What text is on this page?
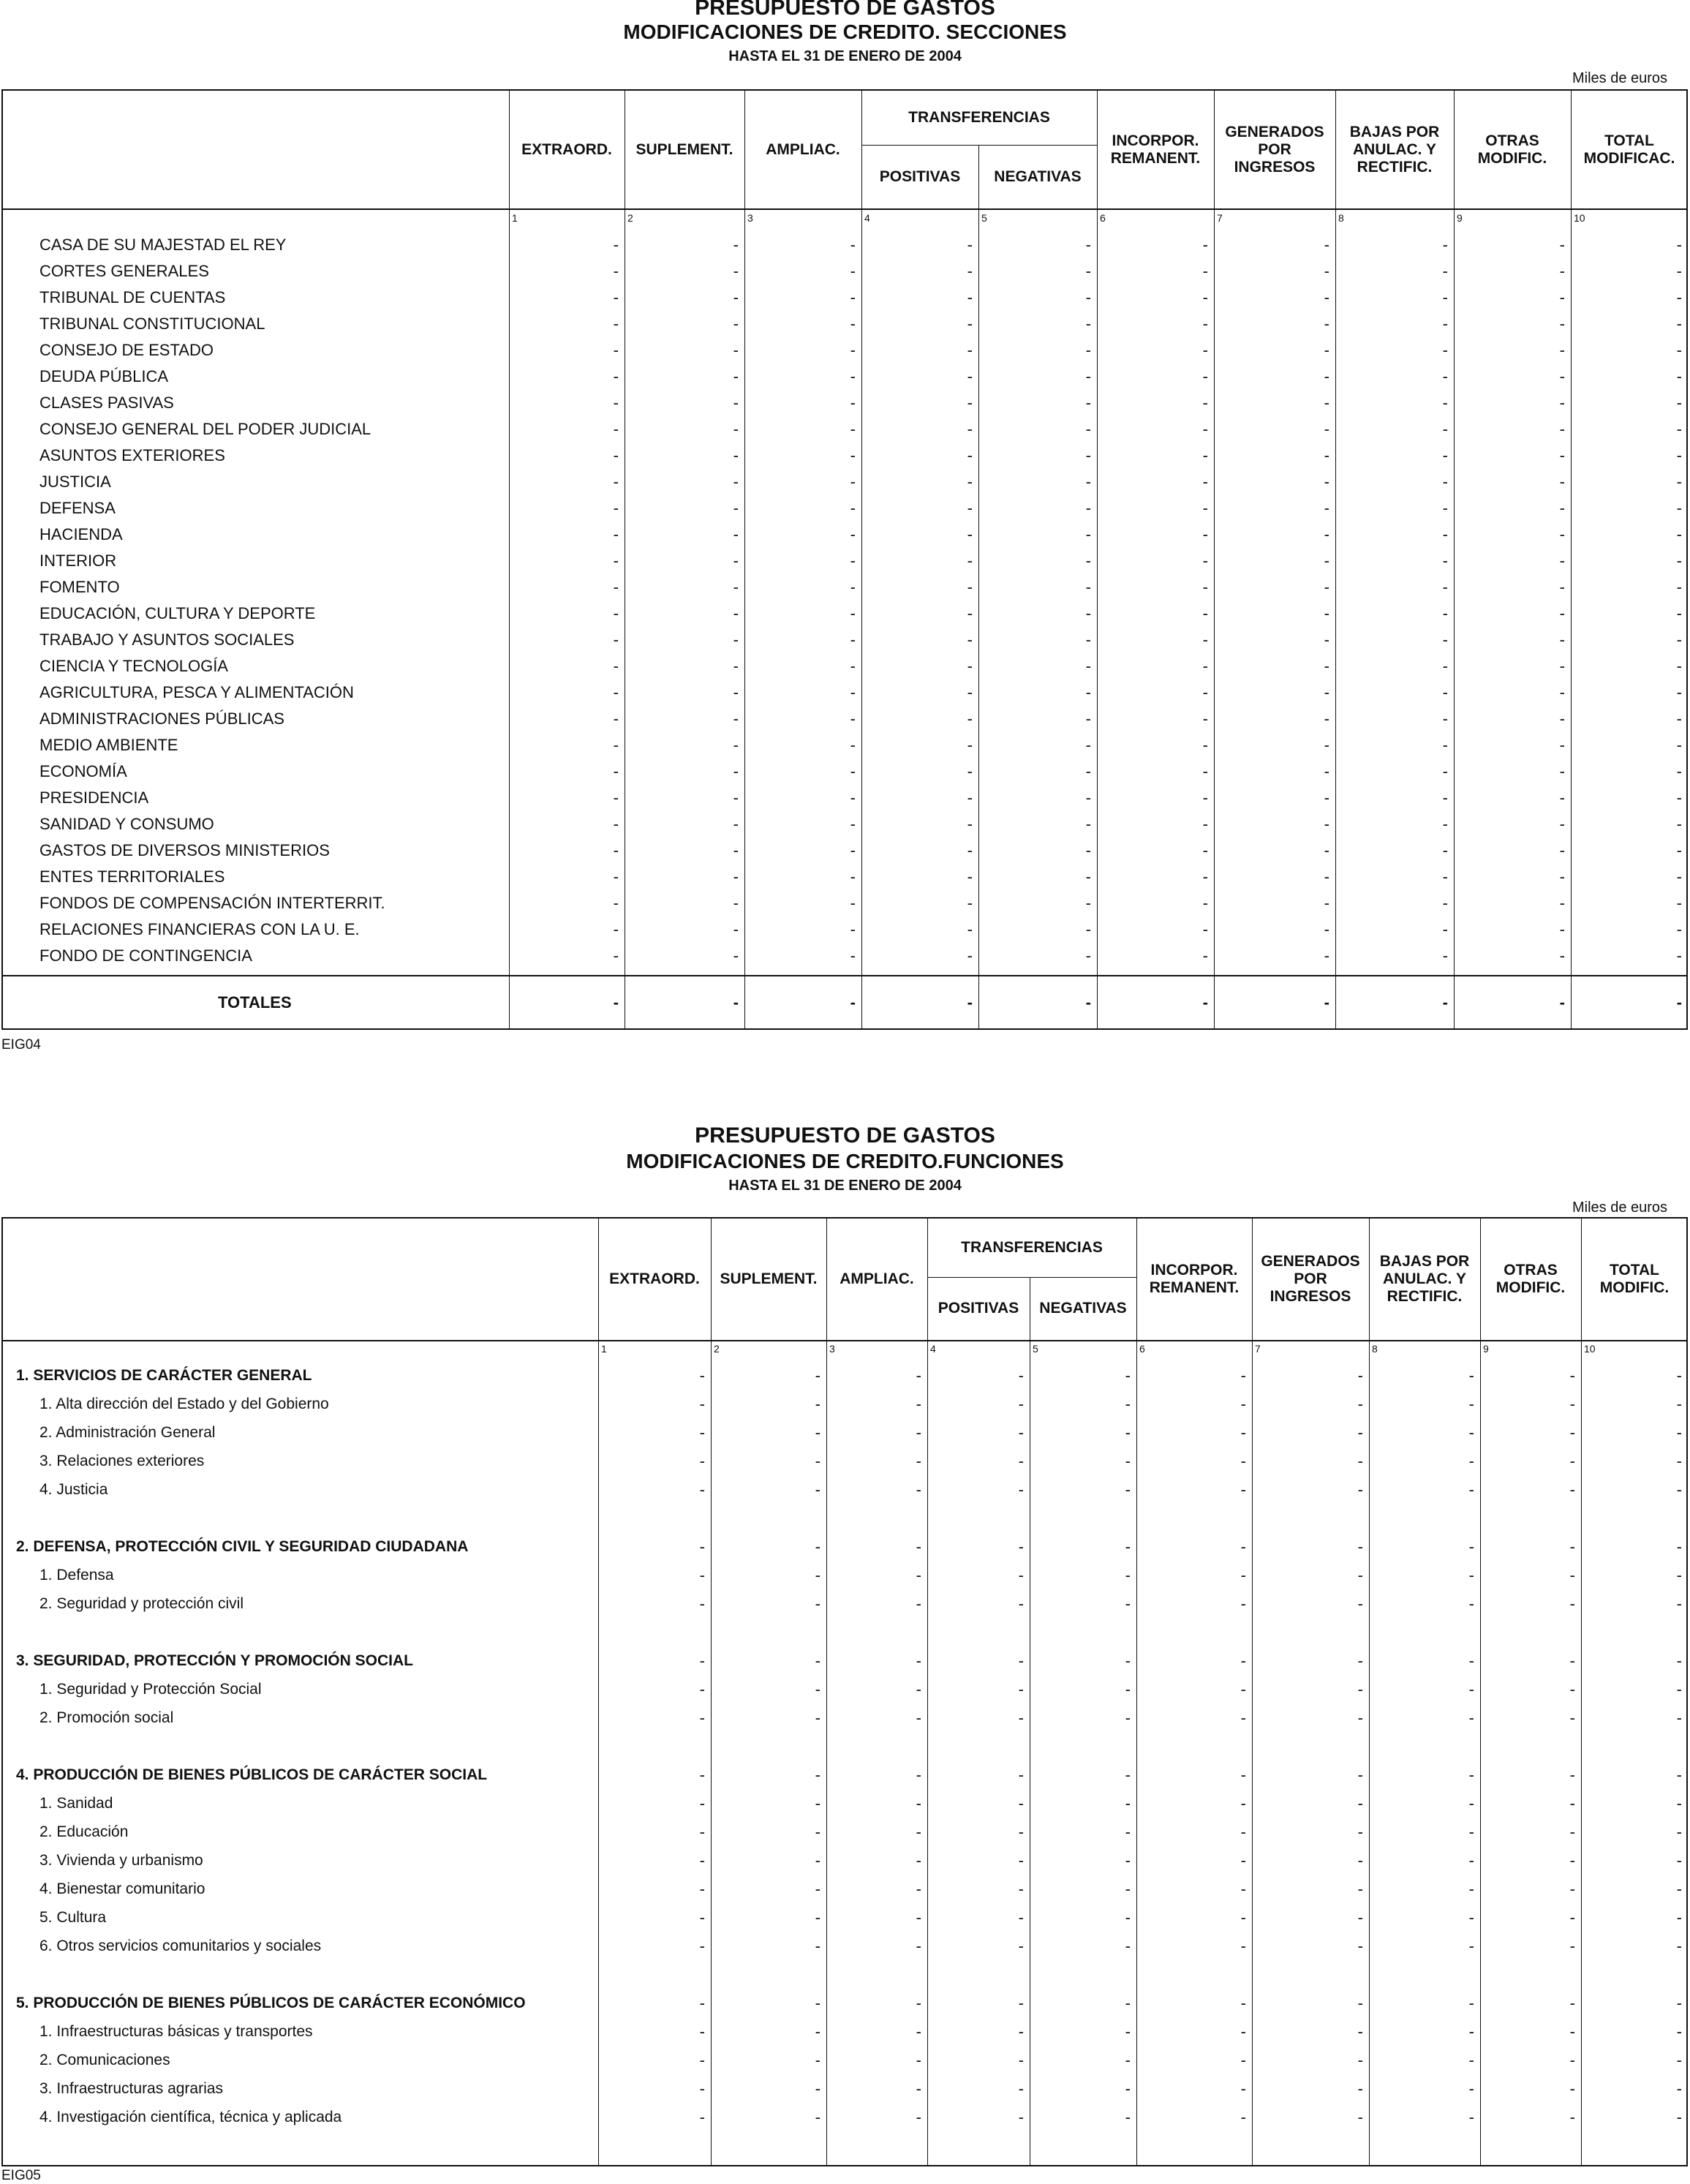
PRESUPUESTO DE GASTOS
MODIFICACIONES DE CREDITO. SECCIONES
HASTA EL 31 DE ENERO DE 2004
Miles de euros
EXTRAORD.	SUPLEMENT.	AMPLIAC.
TRANSFERENCIAS
POSITIVAS	NEGATIVAS
INCORPOR.
REMANENT.
GENERADOS
POR
INGRESOS
BAJAS POR
ANULAC. Y
RECTIFIC.
OTRAS
MODIFIC.
TOTAL
MODIFICAC.
1	2	3	4	5	6	7	8	9	10
CASA DE SU MAJESTAD EL REY	-	-	-	-	-	-	-	-	-	-
CORTES GENERALES	-	-	-	-	-	-	-	-	-	-
TRIBUNAL DE CUENTAS	-	-	-	-	-	-	-	-	-	-
TRIBUNAL CONSTITUCIONAL	-	-	-	-	-	-	-	-	-	-
CONSEJO DE ESTADO	-	-	-	-	-	-	-	-	-	-
DEUDA PÚBLICA	-	-	-	-	-	-	-	-	-	-
CLASES PASIVAS	-	-	-	-	-	-	-	-	-	-
CONSEJO GENERAL DEL PODER JUDICIAL	-	-	-	-	-	-	-	-	-	-
ASUNTOS EXTERIORES	-	-	-	-	-	-	-	-	-	-
JUSTICIA	-	-	-	-	-	-	-	-	-	-
DEFENSA	-	-	-	-	-	-	-	-	-	-
HACIENDA	-	-	-	-	-	-	-	-	-	-
INTERIOR	-	-	-	-	-	-	-	-	-	-
FOMENTO	-	-	-	-	-	-	-	-	-	-
EDUCACIÓN, CULTURA Y DEPORTE	-	-	-	-	-	-	-	-	-	-
TRABAJO Y ASUNTOS SOCIALES	-	-	-	-	-	-	-	-	-	-
CIENCIA Y TECNOLOGÍA	-	-	-	-	-	-	-	-	-	-
AGRICULTURA, PESCA Y ALIMENTACIÓN	-	-	-	-	-	-	-	-	-	-
ADMINISTRACIONES PÚBLICAS	-	-	-	-	-	-	-	-	-	-
MEDIO AMBIENTE	-	-	-	-	-	-	-	-	-	-
ECONOMÍA	-	-	-	-	-	-	-	-	-	-
PRESIDENCIA	-	-	-	-	-	-	-	-	-	-
SANIDAD Y CONSUMO	-	-	-	-	-	-	-	-	-	-
GASTOS DE DIVERSOS MINISTERIOS	-	-	-	-	-	-	-	-	-	-
ENTES TERRITORIALES	-	-	-	-	-	-	-	-	-	-
FONDOS DE COMPENSACIÓN INTERTERRIT.	-	-	-	-	-	-	-	-	-	-
RELACIONES FINANCIERAS CON LA U. E.	-	-	-	-	-	-	-	-	-	-
FONDO DE CONTINGENCIA	-	-	-	-	-	-	-	-	-	-
TOTALES	-	-	-	-	-	-	-	-	-	-
EIG04
PRESUPUESTO DE GASTOS
MODIFICACIONES DE CREDITO.FUNCIONES
HASTA EL 31 DE ENERO DE 2004
Miles de euros
EXTRAORD.	SUPLEMENT.	AMPLIAC.
TRANSFERENCIAS
POSITIVAS	NEGATIVAS
INCORPOR.
REMANENT.
GENERADOS
POR
INGRESOS
BAJAS POR
ANULAC. Y
RECTIFIC.
OTRAS
MODIFIC.
TOTAL
MODIFIC.
1	2	3	4	5	6	7	8	9	10
1. SERVICIOS DE CARÁCTER GENERAL	-	-	-	-	-	-	-	-	-	-
1. Alta dirección del Estado y del Gobierno	-	-	-	-	-	-	-	-	-	-
2. Administración General	-	-	-	-	-	-	-	-	-	-
3. Relaciones exteriores	-	-	-	-	-	-	-	-	-	-
4. Justicia	-	-	-	-	-	-	-	-	-	-
2. DEFENSA, PROTECCIÓN CIVIL Y SEGURIDAD CIUDADANA	-	-	-	-	-	-	-	-	-	-
1. Defensa	-	-	-	-	-	-	-	-	-	-
2. Seguridad y protección civil	-	-	-	-	-	-	-	-	-	-
3. SEGURIDAD, PROTECCIÓN Y PROMOCIÓN SOCIAL	-	-	-	-	-	-	-	-	-	-
1. Seguridad y Protección Social	-	-	-	-	-	-	-	-	-	-
2. Promoción social	-	-	-	-	-	-	-	-	-	-
4. PRODUCCIÓN DE BIENES PÚBLICOS DE CARÁCTER SOCIAL	-	-	-	-	-	-	-	-	-	-
1. Sanidad	-	-	-	-	-	-	-	-	-	-
2. Educación	-	-	-	-	-	-	-	-	-	-
3. Vivienda y urbanismo	-	-	-	-	-	-	-	-	-	-
4. Bienestar comunitario	-	-	-	-	-	-	-	-	-	-
5. Cultura	-	-	-	-	-	-	-	-	-	-
6. Otros servicios comunitarios y sociales	-	-	-	-	-	-	-	-	-	-
5. PRODUCCIÓN DE BIENES PÚBLICOS DE CARÁCTER ECONÓMICO	-	-	-	-	-	-	-	-	-	-
1. Infraestructuras básicas y transportes	-	-	-	-	-	-	-	-	-	-
2. Comunicaciones	-	-	-	-	-	-	-	-	-	-
3. Infraestructuras agrarias	-	-	-	-	-	-	-	-	-	-
4. Investigación científica, técnica y aplicada	-	-	-	-	-	-	-	-	-	-
EIG05
